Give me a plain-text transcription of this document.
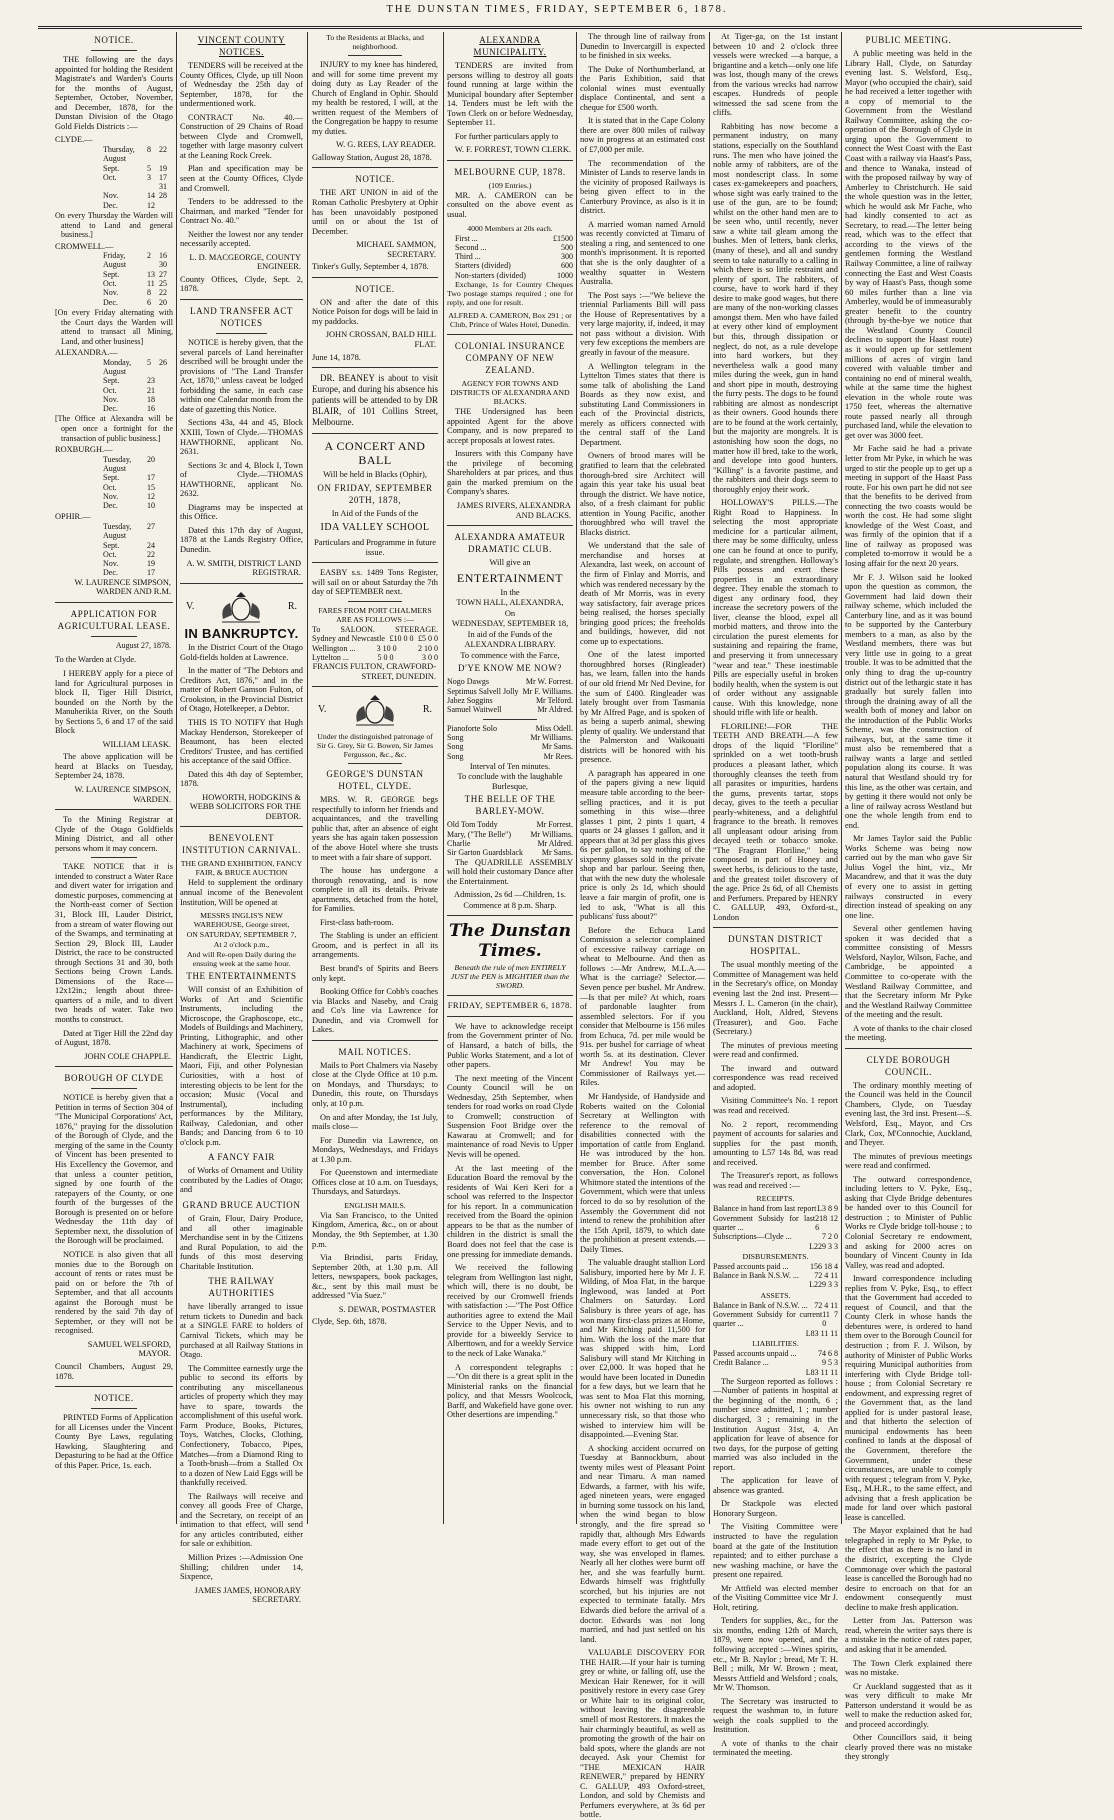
THE DUNSTAN TIMES, FRIDAY, SEPTEMBER 6, 1878.
NOTICE.
THE following are the days appointed for holding the Resident Magistrate's and Warden's Courts for the months of August, September, October, November, and December, 1878, for the Dunstan Division of the Otago Gold Fields Districts :—
CLYDE.—
Thursday, August
8	22
Sept.	5	19
Oct.	3	17 31
Nov.	14 28
Dec.	12
On every Thursday the Warden will attend to Land and general business.]
CROMWELL.—
Friday, August
2	16 30
Sept.	13 27
Oct.	11 25
Nov.	8	22
Dec.	6	20
[On every Friday alternating with the Court days the Warden will attend to transact all Mining, Land, and other business]
ALEXANDRA.—
Monday, August
5	26
Sept.	23
Oct.	21
Nov.	18
Dec.	16
[The Office at Alexandra will be open once a fortnight for the transaction of public business.]
ROXBURGH.—
Tuesday, August
20
Sept.	17
Oct.	15
Nov.	12
Dec.	10
OPHIR.—
Tuesday, August
27
Sept.	24
Oct.	22
Nov.	19
Dec.	17
W. LAURENCE SIMPSON, WARDEN AND R.M.
APPLICATION FOR AGRICULTURAL LEASE.
August 27, 1878.
To the Warden at Clyde.
I HEREBY apply for a piece of land for Agricultural purposes in block II, Tiger Hill District, bounded on the North by the Manuherikia River, on the South by Sections 5, 6 and 17 of the said Block
WILLIAM LEASK.
The above application will be heard at Blacks on Tuesday, September 24, 1878.
W. LAURENCE SIMPSON, WARDEN.
To the Mining Registrar at Clyde of the Otago Goldfields Mining District, and all other persons whom it may concern.
TAKE NOTICE that it is intended to construct a Water Race and divert water for irrigation and domestic purposes, commencing at the North-east corner of Section 31, Block III, Lauder District, from a stream of water flowing out of the Swamps, and terminating at Section 29, Block III, Lauder District, the race to be constructed through Sections 31 and 30, both Sections being Crown Lands. Dimensions of the Race—12x12in.; length about three-quarters of a mile, and to divert two heads of water. Take two months to construct.
Dated at Tiger Hill the 22nd day of August, 1878.
JOHN COLE CHAPPLE.
BOROUGH OF CLYDE
NOTICE is hereby given that a Petition in terms of Section 304 of "The Municipal Corporations' Act, 1876," praying for the dissolution of the Borough of Clyde, and the merging of the same in the County of Vincent has been presented to His Excellency the Governor, and that unless a counter petition, signed by one fourth of the ratepayers of the County, or one fourth of the burgesses of the Borough is presented on or before Wednesday the 11th day of September next, the dissolution of the Borough will be proclaimed.
NOTICE is also given that all monies due to the Borough on account of rents or rates must be paid on or before the 7th of September, and that all accounts against the Borough must be rendered by the said 7th day of September, or they will not be recognised.
SAMUEL WELSFORD, MAYOR.
Council Chambers, August 29, 1878.
NOTICE.
PRINTED Forms of Application for all Licenses under the Vincent County Bye Laws, regulating Hawking, Slaughtering and Depasturing to be had at the Office of this Paper. Price, 1s. each.
VINCENT COUNTY NOTICES.
TENDERS will be received at the County Offices, Clyde, up till Noon of Wednesday the 25th day of September, 1878, for the undermentioned work.
CONTRACT No. 40.—Construction of 29 Chains of Road between Clyde and Cromwell, together with large masonry culvert at the Leaning Rock Creek.
Plan and specification may be seen at the County Offices, Clyde and Cromwell.
Tenders to be addressed to the Chairman, and marked "Tender for Contract No. 40."
Neither the lowest nor any tender necessarily accepted.
L. D. MACGEORGE, COUNTY ENGINEER.
County Offices, Clyde, Sept. 2, 1878.
LAND TRANSFER ACT NOTICES
NOTICE is hereby given, that the several parcels of Land hereinafter described will be brought under the provisions of "The Land Transfer Act, 1870," unless caveat be lodged forbidding the same, in each case within one Calendar month from the date of gazetting this Notice.
Sections 43a, 44 and 45, Block XXIII, Town of Clyde.—THOMAS HAWTHORNE, applicant No. 2631.
Sections 3c and 4, Block I, Town of Clyde.—THOMAS HAWTHORNE, applicant No. 2632.
Diagrams may be inspected at this Office.
Dated this 17th day of August, 1878 at the Lands Registry Office, Dunedin.
A. W. SMITH, DISTRICT LAND REGISTRAR.
V.	R.
IN BANKRUPTCY.
In the District Court of the Otago Gold-fields holden at Lawrence.
In the matter of "The Debtors and Creditors Act, 1876," and in the matter of Robert Gamson Fulton, of Crookston, in the Provincial District of Otago, Hotelkeeper, a Debtor.
THIS IS TO NOTIFY that Hugh Mackay Henderson, Storekeeper of Beaumont, has been elected Creditors' Trustee, and has certified his acceptance of the said Office.
Dated this 4th day of September, 1878.
HOWORTH, HODGKINS & WEBB SOLICITORS FOR THE DEBTOR.
BENEVOLENT INSTITUTION CARNIVAL.
THE GRAND EXHIBITION, FANCY FAIR, & BRUCE AUCTION
Held to supplement the ordinary annual income of the Benevolent Institution, Will be opened at
MESSRS INGLIS'S NEW WAREHOUSE, George street,
ON SATURDAY, SEPTEMBER 7,
At 2 o'clock p.m.,
And will Re-open Daily during the ensuing week at the same hour.
THE ENTERTAINMENTS
Will consist of an Exhibition of Works of Art and Scientific Instruments, including the Microscope, the Graphoscope, etc., Models of Buildings and Machinery, Printing, Lithographic, and other Machinery at work, Specimens of Handicraft, the Electric Light, Maori, Fiji, and other Polynesian Curiosities, with a host of interesting objects to be lent for the occasion; Music (Vocal and Instrumental), including performances by the Military, Railway, Caledonian, and other Bands; and Dancing from 6 to 10 o'clock p.m.
A FANCY FAIR
of Works of Ornament and Utility contributed by the Ladies of Otago; and
GRAND BRUCE AUCTION
of Grain, Flour, Dairy Produce, and all other imaginable Merchandise sent in by the Citizens and Rural Population, to aid the funds of this most deserving Charitable Institution.
THE RAILWAY AUTHORITIES
have liberally arranged to issue return tickets to Dunedin and back at a SINGLE FARE to holders of Carnival Tickets, which may be purchased at all Railway Stations in Otago.
The Committee earnestly urge the public to second its efforts by contributing any miscellaneous articles of property which they may have to spare, towards the accomplishment of this useful work. Farm Produce, Books, Pictures, Toys, Watches, Clocks, Clothing, Confectionery, Tobacco, Pipes, Matches—from a Diamond Ring to a Tooth-brush—from a Stalled Ox to a dozen of New Laid Eggs will be thankfully received.
The Railways will receive and convey all goods Free of Charge, and the Secretary, on receipt of an intimation to that effect, will send for any articles contributed, either for sale or exhibition.
Million Prizes :—Admission One Shilling; children under 14, Sixpence,
JAMES JAMES, HONORARY SECRETARY.
To the Residents at Blacks, and neighborhood.
INJURY to my knee has hindered, and will for some time prevent my doing duty as Lay Reader of the Church of England in Ophir. Should my health be restored, I will, at the written request of the Members of the Congregation be happy to resume my duties.
W. G. REES, LAY READER.
Galloway Station, August 28, 1878.
NOTICE.
THE ART UNION in aid of the Roman Catholic Presbytery at Ophir has been unavoidably postponed until on or about the 1st of December.
MICHAEL SAMMON, SECRETARY.
Tinker's Gully, September 4, 1878.
NOTICE.
ON and after the date of this Notice Poison for dogs will be laid in my paddocks.
JOHN CROSSAN, BALD HILL FLAT.
June 14, 1878.
DR. BEANEY is about to visit Europe, and during his absence his patients will be attended to by DR BLAIR, of 101 Collins Street, Melbourne.
A CONCERT AND BALL
Will be held in Blacks (Ophir),
ON FRIDAY, SEPTEMBER 20TH, 1878,
In Aid of the Funds of the
IDA VALLEY SCHOOL
Particulars and Programme in future issue.
EASBY s.s. 1489 Tons Register, will sail on or about Saturday the 7th day of SEPTEMBER next.
FARES FROM PORT CHALMERS ARE AS FOLLOWS :—
To	SALOON.	STEERAGE.
Sydney and Newcastle £10 0 0 £5 0 0
Wellington ...	3 10 0	2 10 0
Lyttelton ...	5 0 0	3 0 0
FRANCIS FULTON, CRAWFORD-STREET, DUNEDIN.
V.	R.
Under the distinguished patronage of Sir G. Grey, Sir G. Bowen, Sir James Fergusson, &c., &c.
GEORGE'S DUNSTAN HOTEL, CLYDE.
MRS. W. R. GEORGE begs respectfully to inform her friends and acquaintances, and the travelling public that, after an absence of eight years she has again taken possession of the above Hotel where she trusts to meet with a fair share of support.
The house has undergone a thorough renovating, and is now complete in all its details. Private apartments, detached from the hotel, for Families.
First-class bath-room.
The Stabling is under an efficient Groom, and is perfect in all its arrangements.
Best brand's of Spirits and Beers only kept.
Booking Office for Cobb's coaches via Blacks and Naseby, and Craig and Co's line via Lawrence for Dunedin, and via Cromwell for Lakes.
MAIL NOTICES.
Mails to Port Chalmers via Naseby close at the Clyde Office at 10 p.m. on Mondays, and Thursdays; to Dunedin, this route, on Thursdays only, at 10 p.m.
On and after Monday, the 1st July, mails close—
For Dunedin via Lawrence, on Mondays, Wednesdays, and Fridays at 1.30 p.m.
For Queenstown and intermediate Offices close at 10 a.m. on Tuesdays, Thursdays, and Saturdays.
ENGLISH MAILS.
Via San Francisco, to the United Kingdom, America, &c., on or about Monday, the 9th September, at 1.30 p.m.
Via Brindisi, parts Friday, September 20th, at 1.30 p.m. All letters, newspapers, book packages, &c., sent by this mail must be addressed "Via Suez."
S. DEWAR, POSTMASTER
Clyde, Sep. 6th, 1878.
ALEXANDRA MUNICIPALITY.
TENDERS are invited from persons willing to destroy all goats found running at large within the Municipal boundary after September 14. Tenders must be left with the Town Clerk on or before Wednesday, September 11.
For further particulars apply to
W. F. FORREST, TOWN CLERK.
MELBOURNE CUP, 1878.
(109 Entries.)
MR. A. CAMERON can be consulted on the above event as usual.
4000 Members at 20s each.
First ...	£1500
Second ...	500
Third ...	300
Starters (divided)	600
Non-starters (divided)	1000
Exchange, 1s for Country Cheques Two postage stamps required ; one for reply, and one for result.
ALFRED A. CAMERON, Box 291 ; or Club, Prince of Wales Hotel, Dunedin.
COLONIAL INSURANCE COMPANY OF NEW ZEALAND.
AGENCY FOR TOWNS AND DISTRICTS OF ALEXANDRA AND BLACKS.
THE Undersigned has been appointed Agent for the above Company, and is now prepared to accept proposals at lowest rates.
Insurers with this Company have the privilege of becoming Shareholders at par prices, and thus gain the marked premium on the Company's shares.
JAMES RIVERS, ALEXANDRA AND BLACKS.
ALEXANDRA AMATEUR DRAMATIC CLUB.
Will give an
ENTERTAINMENT
In the
TOWN HALL, ALEXANDRA,
On
WEDNESDAY, SEPTEMBER 18,
In aid of the Funds of the
ALEXANDRA LIBRARY.
To commence with the Farce,
D'YE KNOW ME NOW?
Nogo Dawgs	Mr W. Forrest.
Septimus Salvell Jolly Mr F. Williams.
Jabez Soggins	Mr Telford.
Samuel Waitwell	Mr Aldred.
Pianoforte Solo	Miss Odell.
Song	Mr Williams.
Song	Mr Sams.
Song	Mr Rees.
Interval of Ten minutes.
To conclude with the laughable Burlesque,
THE BELLE OF THE BARLEY-MOW.
Old Tom Toddy	Mr Forrest.
Mary, ("The Belle") Mr Williams.
Charlie	Mr Aldred.
Sir Garton Guardsblack Mr Sams.
The QUADRILLE ASSEMBLY will hold their customary Dance after the Entertainment.
Admission, 2s 6d —Children, 1s.
Commence at 8 p.m. Sharp.
The Dunstan Times.
Beneath the rule of men ENTIRELY JUST the PEN is MIGHTIER than the SWORD.
FRIDAY, SEPTEMBER 6, 1878.
We have to acknowledge receipt from the Government printer of No. of Hansard, a batch of bills, the Public Works Statement, and a lot of other papers.
The next meeting of the Vincent County Council will be on Wednesday, 25th September, when tenders for road works on road Clyde to Cromwell; construction of Suspension Foot Bridge over the Kawarau at Cromwell; and for maintenance of road Nevis to Upper Nevis will be opened.
At the last meeting of the Education Board the removal by the residents of Wai Keri Keri for a school was referred to the Inspector for his report. In a communication received from the Board the opinion appears to be that as the number of children in the district is small the Board does not feel that the case is one pressing for immediate demands.
We received the following telegram from Wellington last night, which will, there is no doubt, be received by our Cromwell friends with satisfaction :—"The Post Office authorities agree to extend the Mail Service to the Upper Nevis, and to provide for a biweekly Service to Alberttown, and for a weekly Service to the neck of Lake Wanaka."
A correspondent telegraphs :—"On dit there is a great split in the Ministerial ranks on the financial policy, and that Messrs Woolcock, Barff, and Wakefield have gone over. Other desertions are impending."
The through line of railway from Dunedin to Invercargill is expected to be finished in six weeks.
The Duke of Northumberland, at the Paris Exhibition, said that colonial wines must eventually displace Continental, and sent a cheque for £500 worth.
It is stated that in the Cape Colony there are over 800 miles of railway now in progress at an estimated cost of £7,000 per mile.
The recommendation of the Minister of Lands to reserve lands in the vicinity of proposed Railways is being given effect to in the Canterbury Province, as also is it in district.
A married woman named Arnold was recently convicted at Timaru of stealing a ring, and sentenced to one month's imprisonment. It is reported that she is the only daughter of a wealthy squatter in Western Australia.
The Post says :—"We believe the triennial Parliaments Bill will pass the House of Representatives by a very large majority, if, indeed, it may not pass without a division. With very few exceptions the members are greatly in favour of the measure.
A Wellington telegram in the Lyttelton Times states that there is some talk of abolishing the Land Boards as they now exist, and substituting Land Commissioners in each of the Provincial districts, merely as officers connected with the central staff of the Land Department.
Owners of brood mares will be gratified to learn that the celebrated thorough-bred sire Architect will again this year take his usual beat through the district. We have notice, also, of a fresh claimant for public attention in Young Pacific, another thoroughbred who will travel the Blacks district.
We understand that the sale of merchandise and horses at Alexandra, last week, on account of the firm of Finlay and Morris, and which was rendered necessary by the death of Mr Morris, was in every way satisfactory, fair average prices being realised, the horses specially bringing good prices; the freeholds and buildings, however, did not come up to expectations.
One of the latest imported thoroughbred horses (Ringleader) has, we learn, fallen into the hands of our old friend Mr Ned Devine, for the sum of £400. Ringleader was lately brought over from Tasmania by Mr Alfred Page, and is spoken of as being a superb animal, shewing plenty of quality. We understand that the Palmerston and Waikouaiti districts will be honored with his presence.
A paragraph has appeared in one of the papers giving a new liquid measure table according to the beer-selling practices, and it is put something in this wise—three glasses 1 pint, 2 pints 1 quart, 4 quarts or 24 glasses 1 gallon, and it appears that at 3d per glass this gives 6s per gallon, to say nothing of the sixpenny glasses sold in the private shop and bar parlour. Seeing then, that with the new duty the wholesale price is only 2s 1d, which should leave a fair margin of profit, one is led to ask, "What is all this publicans' fuss about?"
Before the Echuca Land Commission a selector complained of excessive railway carriage on wheat to Melbourne. And then as follows :—Mr Andrew, M.L.A.—What is the carriage? Selector.—Seven pence per bushel. Mr Andrew.—Is that per mile? At which, roars of pardonable laughter from assembled selectors. For if you consider that Melbourne is 156 miles from Echuca, 7d. per mile would be 91s. per bushel for carriage of wheat worth 5s. at its destination. Clever Mr Andrew! You may be Commissioner of Railways yet.—Riles.
Mr Handyside, of Handyside and Roberts waited on the Colonial Secretary at Wellington with reference to the removal of disabilities connected with the importation of cattle from England. He was introduced by the hon. member for Bruce. After some conversation, the Hon. Colonel Whitmore stated the intentions of the Government, which were that unless forced to do so by resolution of the Assembly the Government did not intend to renew the prohibition after the 15th April, 1879, to which date the prohibition at present extends.—Daily Times.
The valuable draught stallion Lord Salisbury, imported here by Mr J. F. Wilding, of Moa Flat, in the barque Inglewood, was landed at Port Chalmers on Saturday. Lord Salisbury is three years of age, has won many first-class prizes at Home, and Mr Kitching paid 11,500 for him. With the loss of the mare that was shipped with him, Lord Salisbury will stand Mr Kitching in over £2,000. It was hoped that he would have been located in Dunedin for a few days, but we learn that he was sent to Moa Flat this morning, his owner not wishing to run any unnecessary risk, so that those who wished to interview him will be disappointed.—Evening Star.
A shocking accident occurred on Tuesday at Bannockburn, about twenty miles west of Pleasant Point and near Timaru. A man named Edwards, a farmer, with his wife, aged nineteen years, were engaged in burning some tussock on his land, when the wind began to blow strongly, and the fire spread so rapidly that, although Mrs Edwards made every effort to get out of the way, she was enveloped in flames. Nearly all her clothes were burnt off her, and she was fearfully burnt. Edwards himself was frightfully scorched, but his injuries are not expected to terminate fatally. Mrs Edwards died before the arrival of a doctor. Edwards was not long married, and had just settled on his land.
VALUABLE DISCOVERY FOR THE HAIR.—If your hair is turning grey or white, or falling off, use the Mexican Hair Renewer, for it will positively restore in every case Grey or White hair to its original color, without leaving the disagreeable smell of most Restorers. It makes the hair charmingly beautiful, as well as promoting the growth of the hair on bald spots, where the glands are not decayed. Ask your Chemist for "THE MEXICAN HAIR RENEWER," prepared by HENRY C. GALLUP, 493 Oxford-street, London, and sold by Chemists and Perfumers everywhere, at 3s 6d per bottle.
At Tiger-ga, on the 1st instant between 10 and 2 o'clock three vessels were wrecked —a barque, a brigantine and a ketch—only one life was lost, though many of the crews from the various wrecks had narrow escapes. Hundreds of people witnessed the sad scene from the cliffs.
Rabbiting has now become a permanent industry, on many stations, especially on the Southland runs. The men who have joined the noble army of rabbiters, are of the most nondescript class. In some cases ex-gamekeepers and poachers, whose sight was early trained to the use of the gun, are to be found; whilst on the other hand men are to be seen who, until recently, never saw a white tail gleam among the bushes. Men of letters, bank clerks, (many of these), and all and sundry seem to take naturally to a calling in which there is so little restraint and plenty of sport. The rabbiters, of course, have to work hard if they desire to make good wages, but there are many of the non-working classes amongst them. Men who have failed at every other kind of employment but this, through dissipation or neglect, do not, as a rule develope into hard workers, but they nevertheless walk a good many miles during the week, gun in hand and short pipe in mouth, destroying the furry pests. The dogs to be found rabbiting are almost as nondescript as their owners. Good hounds there are to be found at the work certainly, but the majority are mongrels. It is astonishing how soon the dogs, no matter how ill bred, take to the work, and develope into good hunters. "Killing" is a favorite pastime, and the rabbiters and their dogs seem to thoroughly enjoy their work.
HOLLOWAY'S PILLS.—The Right Road to Happiness. In selecting the most appropriate medicine for a particular ailment, there may be some difficulty, unless one can be found at once to purify, regulate, and strengthen. Holloway's Pills possess and exert these properties in an extraordinary degree. They enable the stomach to digest any ordinary food, they increase the secretory powers of the liver, cleanse the blood, expel all morbid matters, and throw into the circulation the purest elements for sustaining and repairing the frame, and preserving it from unnecessary "wear and tear." These inestimable Pills are especially useful in broken bodily health, when the system is out of order without any assignable cause. With this knowledge, none should trifle with life or health.
FLORILINE!—FOR THE TEETH AND BREATH.—A few drops of the liquid "Floriline" sprinkled on a wet tooth-brush produces a pleasant lather, which thoroughly cleanses the teeth from all parasites or impurities, hardens the gums, prevents tartar, stops decay, gives to the teeth a peculiar pearly-whiteness, and a delightful fragrance to the breath. It removes all unpleasant odour arising from decayed teeth or tobacco smoke. "The Fragrant Floriline," being composed in part of Honey and sweet herbs, is delicious to the taste, and the greatest toilet discovery of the age. Price 2s 6d, of all Chemists and Perfumers. Prepared by HENRY C. GALLUP, 493, Oxford-st., London
DUNSTAN DISTRICT HOSPITAL.
The usual monthly meeting of the Committee of Management was held in the Secretary's office, on Monday evening last the 2nd inst. Present—Messrs J. L. Cameron (in the chair), Auckland, Holt, Aldred, Stevens (Treasurer), and Goo. Fache (Secretary.)
The minutes of previous meeting were read and confirmed.
The inward and outward correspondence was read received and adopted.
Visiting Committee's No. 1 report was read and received.
No. 2 report, recommending payment of accounts for salaries and supplies for the past month, amounting to L57 14s 8d, was read and received.
The Treasurer's report, as follows was read and received :—
RECEIPTS.
Balance in hand from last report L3 8 9
Government Subsidy for last quarter ...
218 12 6
Subscriptions—Clyde ...	7 2 0
L229 3 3
DISBURSEMENTS.
Passed accounts paid ...	156 18 4
Balance in Bank N.S.W. ... 72 4 11
L229 3 3
ASSETS.
Balance in Bank of N.S.W. ... 72 4 11
Government Subsidy for current quarter ...
11 7 0
L83 11 11
LIABILITIES.
Passed accounts unpaid ...	74 6 8
Credit Balance ...	9 5 3
L83 11 11
The Surgeon reported as follows :—Number of patients in hospital at the beginning of the month, 6 ; number since admitted, 1 ; number discharged, 3 ; remaining in the Institution August 31st, 4. An application for leave of absence for two days, for the purpose of getting married was also included in the report.
The application for leave of absence was granted.
Dr Stackpole was elected Honorary Surgeon.
The Visiting Committee were instructed to have the regulation board at the gate of the Institution repainted; and to either purchase a new washing machine, or have the present one repaired.
Mr Attfield was elected member of the Visiting Committee vice Mr J. Holt, retiring.
Tenders for supplies, &c., for the six months, ending 12th of March, 1879, were now opened, and the following accepted :—Wines spirits, etc., Mr B. Naylor ; bread, Mr T. H. Bell ; milk, Mr W. Brown ; meat, Messrs Attfield and Welsford ; coals, Mr W. Thomson.
The Secretary was instructed to request the washman to, in future weigh the coals supplied to the Institution.
A vote of thanks to the chair terminated the meeting.
PUBLIC MEETING.
A public meeting was held in the Library Hall, Clyde, on Saturday evening last. S. Welsford, Esq., Mayor (who occupied the chair), said he had received a letter together with a copy of memorial to the Government from the Westland Railway Committee, asking the co-operation of the Borough of Clyde in urging upon the Government to connect the West Coast with the East Coast with a railway via Haast's Pass, and thence to Wanaka, instead of with the proposed railway by way of Amberley to Christchurch. He said the whole question was in the letter, which he would ask Mr Fache, who had kindly consented to act as Secretary, to read.—The letter being read, which was to the effect that according to the views of the gentlemen forming the Westland Railway Committee, a line of railway connecting the East and West Coasts by way of Haast's Pass, though some 60 miles further than a line via Amberley, would be of immeasurably greater benefit to the country (through by-the-bye we notice that the Westland County Council declines to support the Haast route) as it would open up for settlement millions of acres of virgin land covered with valuable timber and containing no end of mineral wealth, while at the same time the highest elevation in the whole route was 1750 feet, whereas the alternative route passed nearly all through purchased land, while the elevation to get over was 3000 feet.
Mr Fache said he had a private letter from Mr Pyke, in which he was urged to stir the people up to get up a meeting in support of the Haast Pass route. For his own part he did not see that the benefits to be derived from connecting the two coasts would be worth the cost. He had some slight knowledge of the West Coast, and was firmly of the opinion that if a line of railway as proposed was completed to-morrow it would be a losing affair for the next 20 years.
Mr F. J. Wilson said he looked upon the question as common, the Government had laid down their railway scheme, which included the Canterbury line, and as it was bound to be supported by the Canterbury members to a man, as also by the Westland members, there was but very little use in going to a great trouble. It was to be admitted that the only thing to drag the up-country district out of the lethargic state it has gradually but surely fallen into through the draining away of all the wealth both of money and labor on the introduction of the Public Works Scheme, was the construction of railways, but, at the same time it must also be remembered that a railway wants a large and settled population along its course. It was natural that Westland should try for this line, as the other was certain, and by getting it there would not only be a line of railway across Westland but one the whole length from end to end.
Mr James Taylor said the Public Works Scheme was being now carried out by the man who gave Sir Julius Vogel the hint, viz., Mr Macandrew, and that it was the duty of every one to assist in getting railways constructed in every direction instead of speaking on any one line.
Several other gentlemen having spoken it was decided that a committee consisting of Messrs Welsford, Naylor, Wilson, Fache, and Cambridge, be appointed a Committee to co-operate with the Westland Railway Committee, and that the Secretary inform Mr Pyke and the Westland Railway Committee of the meeting and the result.
A vote of thanks to the chair closed the meeting.
CLYDE BOROUGH COUNCIL.
The ordinary monthly meeting of the Council was held in the Council Chambers, Clyde, on Tuesday evening last, the 3rd inst. Present—S. Welsford, Esq., Mayor, and Crs Clark, Cox, M'Connochie, Auckland, and Theyer.
The minutes of previous meetings were read and confirmed.
The outward correspondence, including letters to V. Pyke, Esq., asking that Clyde Bridge debentures be handed over to this Council for destruction ; to Minister of Public Works re Clyde bridge toll-house ; to Colonial Secretary re endowment, and asking for 2000 acres on boundary of Vincent County in Ida Valley, was read and adopted.
Inward correspondence including replies from V. Pyke, Esq., to effect that the Government had acceded to request of Council, and that the County Clerk in whose hands the debentures were, is ordered to hand them over to the Borough Council for destruction ; from F. J. Wilson, by authority of Minister of Public Works requiring Municipal authorities from interfering with Clyde Bridge toll-house ; from Colonial Secretary re endowment, and expressing regret of the Government that, as the land applied for is under pastoral lease, and that hitherto the selection of municipal endowments has been confined to lands at the disposal of the Government, therefore the Government, under these circumstances, are unable to comply with request ; telegram from V. Pyke, Esq., M.H.R., to the same effect, and advising that a fresh application be made for land over which pastoral lease is cancelled.
The Mayor explained that he had telegraphed in reply to Mr Pyke, to the effect that as there is no land in the district, excepting the Clyde Commonage over which the pastoral lease is cancelled the Borough had no desire to encroach on that for an endowment consequently must decline to make fresh application.
Letter from Jas. Patterson was read, wherein the writer says there is a mistake in the notice of rates paper, and asking that it be amended.
The Town Clerk explained there was no mistake.
Cr Auckland suggested that as it was very difficult to make Mr Patterson understand it would be as well to make the reduction asked for, and proceed accordingly.
Other Councillors said, it being clearly proved there was no mistake they strongly
